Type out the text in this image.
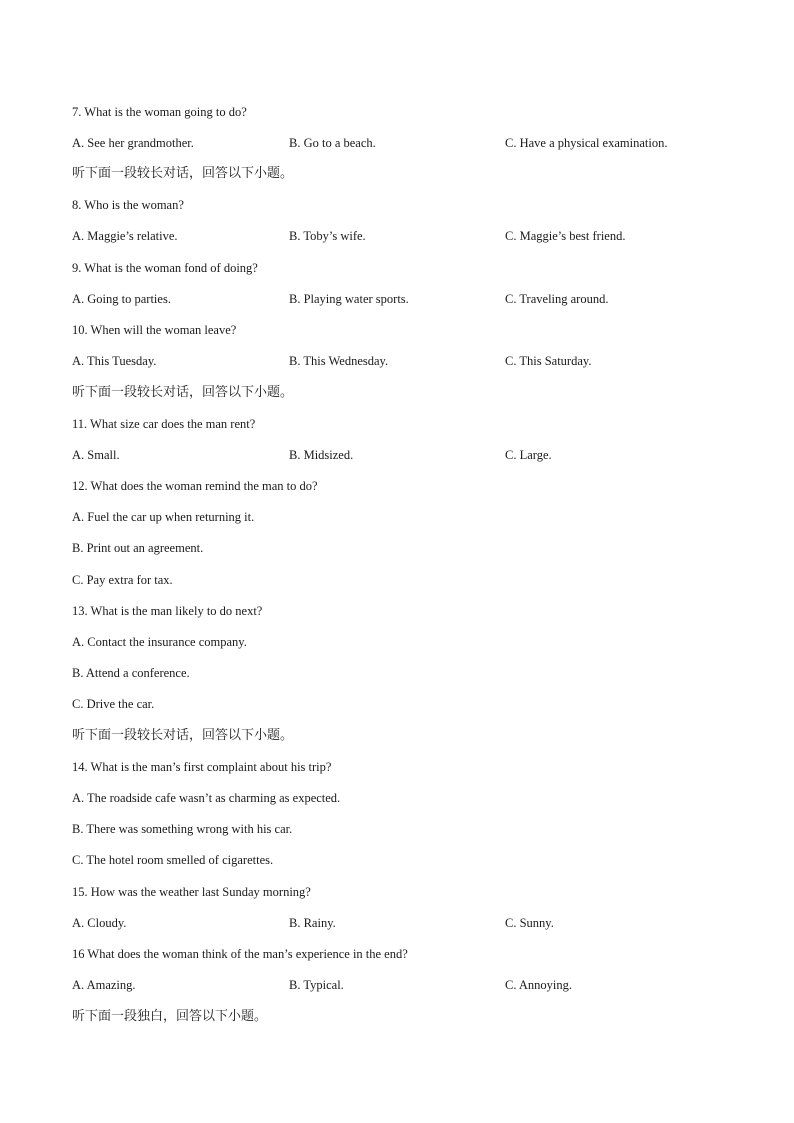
7. What is the woman going to do?
A. See her grandmother.	B. Go to a beach.	C. Have a physical examination.
听下面一段较长对话，回答以下小题。
8. Who is the woman?
A. Maggie’s relative.	B. Toby’s wife.	C. Maggie’s best friend.
9. What is the woman fond of doing?
A. Going to parties.	B. Playing water sports.	C. Traveling around.
10. When will the woman leave?
A. This Tuesday.	B. This Wednesday.	C. This Saturday.
听下面一段较长对话，回答以下小题。
11. What size car does the man rent?
A. Small.	B. Midsized.	C. Large.
12. What does the woman remind the man to do?
A. Fuel the car up when returning it.
B. Print out an agreement.
C. Pay extra for tax.
13. What is the man likely to do next?
A. Contact the insurance company.
B. Attend a conference.
C. Drive the car.
听下面一段较长对话，回答以下小题。
14. What is the man’s first complaint about his trip?
A. The roadside cafe wasn’t as charming as expected.
B. There was something wrong with his car.
C. The hotel room smelled of cigarettes.
15. How was the weather last Sunday morning?
A. Cloudy.	B. Rainy.	C. Sunny.
16 What does the woman think of the man’s experience in the end?
A. Amazing.	B. Typical.	C. Annoying.
听下面一段独白，回答以下小题。
